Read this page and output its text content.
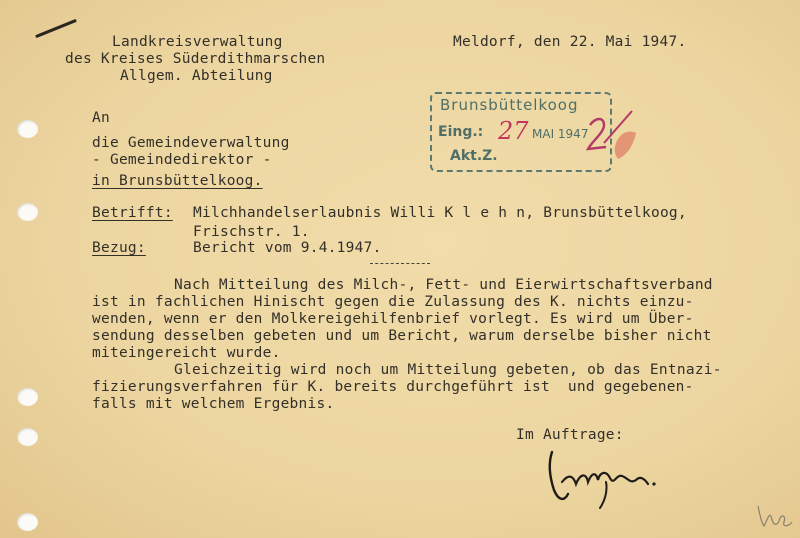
Landkreisverwaltung
des Kreises Süderdithmarschen
Allgem. Abteilung
Meldorf, den 22. Mai 1947.
An
die Gemeindeverwaltung
- Gemeindedirektor -
in Brunsbüttelkoog.
Brunsbüttelkoog
Eing.:	MAI 1947
Akt.Z.
27
Betrifft: Milchhandelserlaubnis Willi K l e h n, Brunsbüttelkoog,
Frischstr. 1.
Bezug:	Bericht vom 9.4.1947.
Nach Mitteilung des Milch-, Fett- und Eierwirtschaftsverband
ist in fachlichen Hinischt gegen die Zulassung des K. nichts einzu-
wenden, wenn er den Molkereigehilfenbrief vorlegt. Es wird um Über-
sendung desselben gebeten und um Bericht, warum derselbe bisher nicht
miteingereicht wurde.
Gleichzeitig wird noch um Mitteilung gebeten, ob das Entnazi-
fizierungsverfahren für K. bereits durchgeführt ist  und gegebenen-
falls mit welchem Ergebnis.
Im Auftrage:
